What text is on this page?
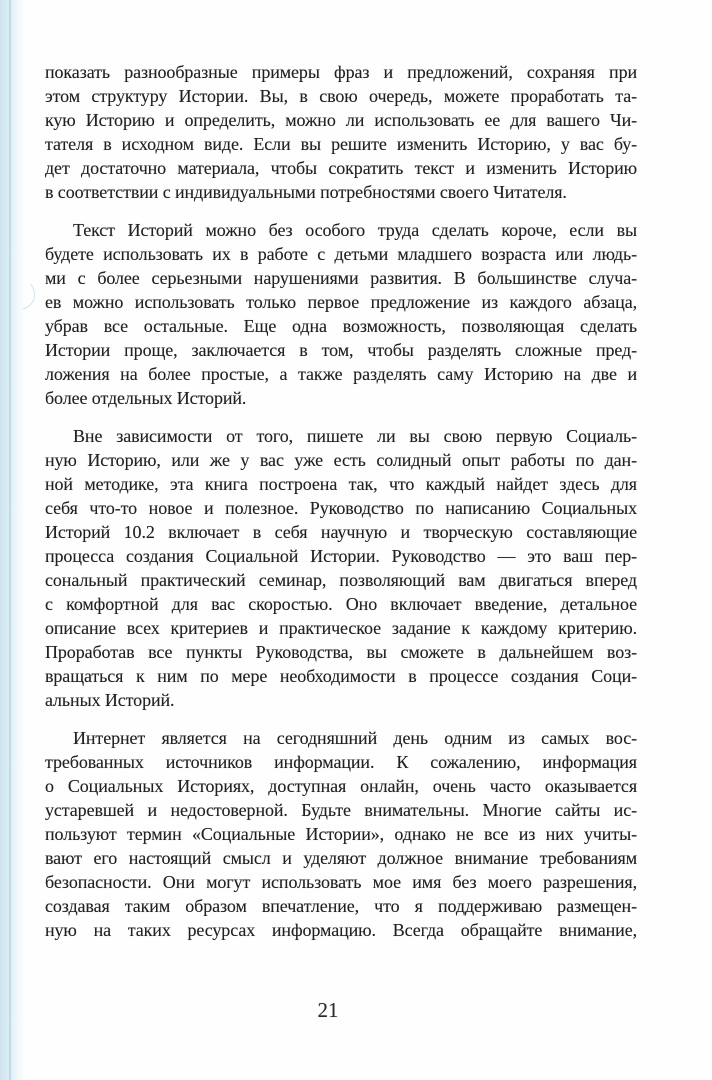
показать разнообразные примеры фраз и предложений, сохраняя при
этом структуру Истории. Вы, в свою очередь, можете проработать та-
кую Историю и определить, можно ли использовать ее для вашего Чи-
тателя в исходном виде. Если вы решите изменить Историю, у вас бу-
дет достаточно материала, чтобы сократить текст и изменить Историю
в соответствии с индивидуальными потребностями своего Читателя.
Текст Историй можно без особого труда сделать короче, если вы
будете использовать их в работе с детьми младшего возраста или людь-
ми с более серьезными нарушениями развития. В большинстве случа-
ев можно использовать только первое предложение из каждого абзаца,
убрав все остальные. Еще одна возможность, позволяющая сделать
Истории проще, заключается в том, чтобы разделять сложные пред-
ложения на более простые, а также разделять саму Историю на две и
более отдельных Историй.
Вне зависимости от того, пишете ли вы свою первую Социаль-
ную Историю, или же у вас уже есть солидный опыт работы по дан-
ной методике, эта книга построена так, что каждый найдет здесь для
себя что-то новое и полезное. Руководство по написанию Социальных
Историй 10.2 включает в себя научную и творческую составляющие
процесса создания Социальной Истории. Руководство — это ваш пер-
сональный практический семинар, позволяющий вам двигаться вперед
с комфортной для вас скоростью. Оно включает введение, детальное
описание всех критериев и практическое задание к каждому критерию.
Проработав все пункты Руководства, вы сможете в дальнейшем воз-
вращаться к ним по мере необходимости в процессе создания Соци-
альных Историй.
Интернет является на сегодняшний день одним из самых вос-
требованных источников информации. К сожалению, информация
о Социальных Историях, доступная онлайн, очень часто оказывается
устаревшей и недостоверной. Будьте внимательны. Многие сайты ис-
пользуют термин «Социальные Истории», однако не все из них учиты-
вают его настоящий смысл и уделяют должное внимание требованиям
безопасности. Они могут использовать мое имя без моего разрешения,
создавая таким образом впечатление, что я поддерживаю размещен-
ную на таких ресурсах информацию. Всегда обращайте внимание,
21
